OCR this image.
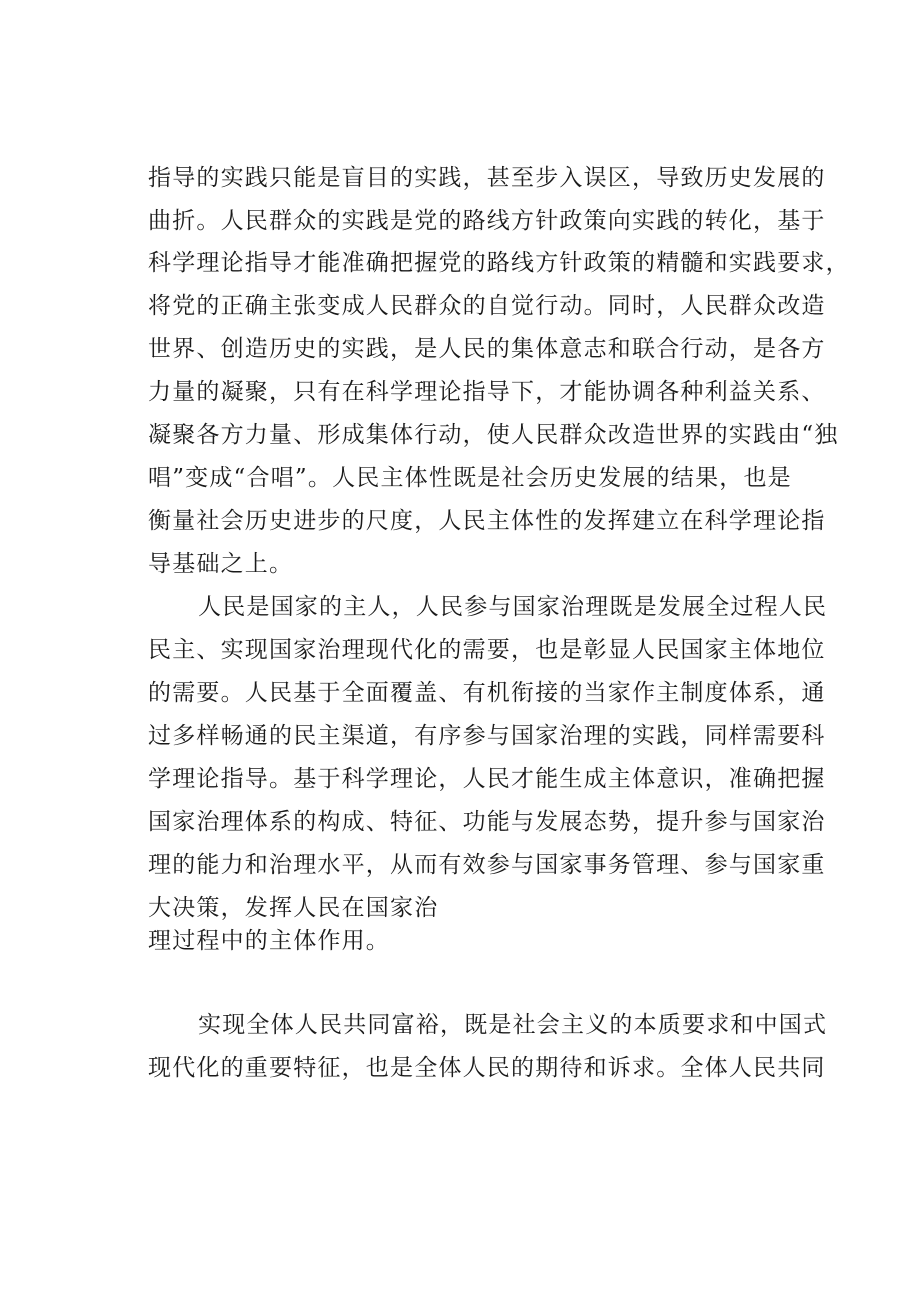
指导的实践只能是盲目的实践，甚至步入误区，导致历史发展的
曲折。人民群众的实践是党的路线方针政策向实践的转化，基于
科学理论指导才能准确把握党的路线方针政策的精髓和实践要求，
将党的正确主张变成人民群众的自觉行动。同时，人民群众改造
世界、创造历史的实践，是人民的集体意志和联合行动，是各方
力量的凝聚，只有在科学理论指导下，才能协调各种利益关系、
凝聚各方力量、形成集体行动，使人民群众改造世界的实践由“独
唱”变成“合唱”。人民主体性既是社会历史发展的结果，也是
衡量社会历史进步的尺度，人民主体性的发挥建立在科学理论指
导基础之上。
人民是国家的主人，人民参与国家治理既是发展全过程人民
民主、实现国家治理现代化的需要，也是彰显人民国家主体地位
的需要。人民基于全面覆盖、有机衔接的当家作主制度体系，通
过多样畅通的民主渠道，有序参与国家治理的实践，同样需要科
学理论指导。基于科学理论，人民才能生成主体意识，准确把握
国家治理体系的构成、特征、功能与发展态势，提升参与国家治
理的能力和治理水平，从而有效参与国家事务管理、参与国家重
大决策，发挥人民在国家治
理过程中的主体作用。
实现全体人民共同富裕，既是社会主义的本质要求和中国式
现代化的重要特征，也是全体人民的期待和诉求。全体人民共同
